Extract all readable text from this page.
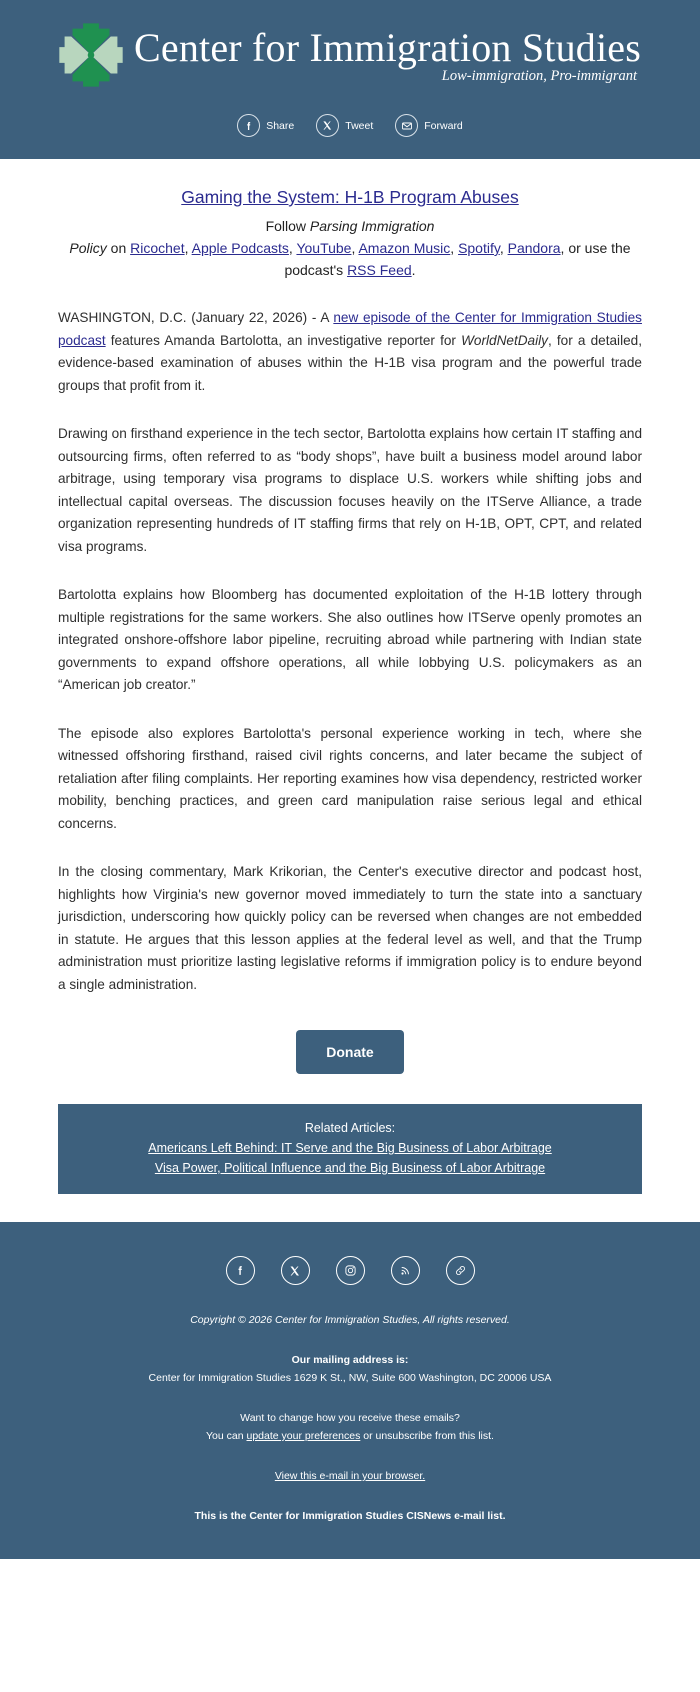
Center for Immigration Studies
Low-immigration, Pro-immigrant
Share	Tweet	Forward
Gaming the System: H-1B Program Abuses
Follow Parsing Immigration
Policy on Ricochet, Apple Podcasts, YouTube, Amazon Music, Spotify, Pandora, or use the podcast's RSS Feed.

WASHINGTON, D.C. (January 22, 2026) - A new episode of the Center for Immigration Studies podcast features Amanda Bartolotta, an investigative reporter for WorldNetDaily, for a detailed, evidence-based examination of abuses within the H-1B visa program and the powerful trade groups that profit from it.

Drawing on firsthand experience in the tech sector, Bartolotta explains how certain IT staffing and outsourcing firms, often referred to as “body shops”, have built a business model around labor arbitrage, using temporary visa programs to displace U.S. workers while shifting jobs and intellectual capital overseas. The discussion focuses heavily on the ITServe Alliance, a trade organization representing hundreds of IT staffing firms that rely on H-1B, OPT, CPT, and related visa programs.

Bartolotta explains how Bloomberg has documented exploitation of the H-1B lottery through multiple registrations for the same workers. She also outlines how ITServe openly promotes an integrated onshore-offshore labor pipeline, recruiting abroad while partnering with Indian state governments to expand offshore operations, all while lobbying U.S. policymakers as an “American job creator.”

The episode also explores Bartolotta's personal experience working in tech, where she witnessed offshoring firsthand, raised civil rights concerns, and later became the subject of retaliation after filing complaints. Her reporting examines how visa dependency, restricted worker mobility, benching practices, and green card manipulation raise serious legal and ethical concerns.

In the closing commentary, Mark Krikorian, the Center's executive director and podcast host, highlights how Virginia's new governor moved immediately to turn the state into a sanctuary jurisdiction, underscoring how quickly policy can be reversed when changes are not embedded in statute. He argues that this lesson applies at the federal level as well, and that the Trump administration must prioritize lasting legislative reforms if immigration policy is to endure beyond a single administration.

Donate
Related Articles:
Americans Left Behind: IT Serve and the Big Business of Labor Arbitrage
Visa Power, Political Influence and the Big Business of Labor Arbitrage
Copyright © 2026 Center for Immigration Studies, All rights reserved.
Our mailing address is:
Center for Immigration Studies 1629 K St., NW, Suite 600 Washington, DC 20006 USA
Want to change how you receive these emails?
You can update your preferences or unsubscribe from this list.
View this e-mail in your browser.
This is the Center for Immigration Studies CISNews e-mail list.
